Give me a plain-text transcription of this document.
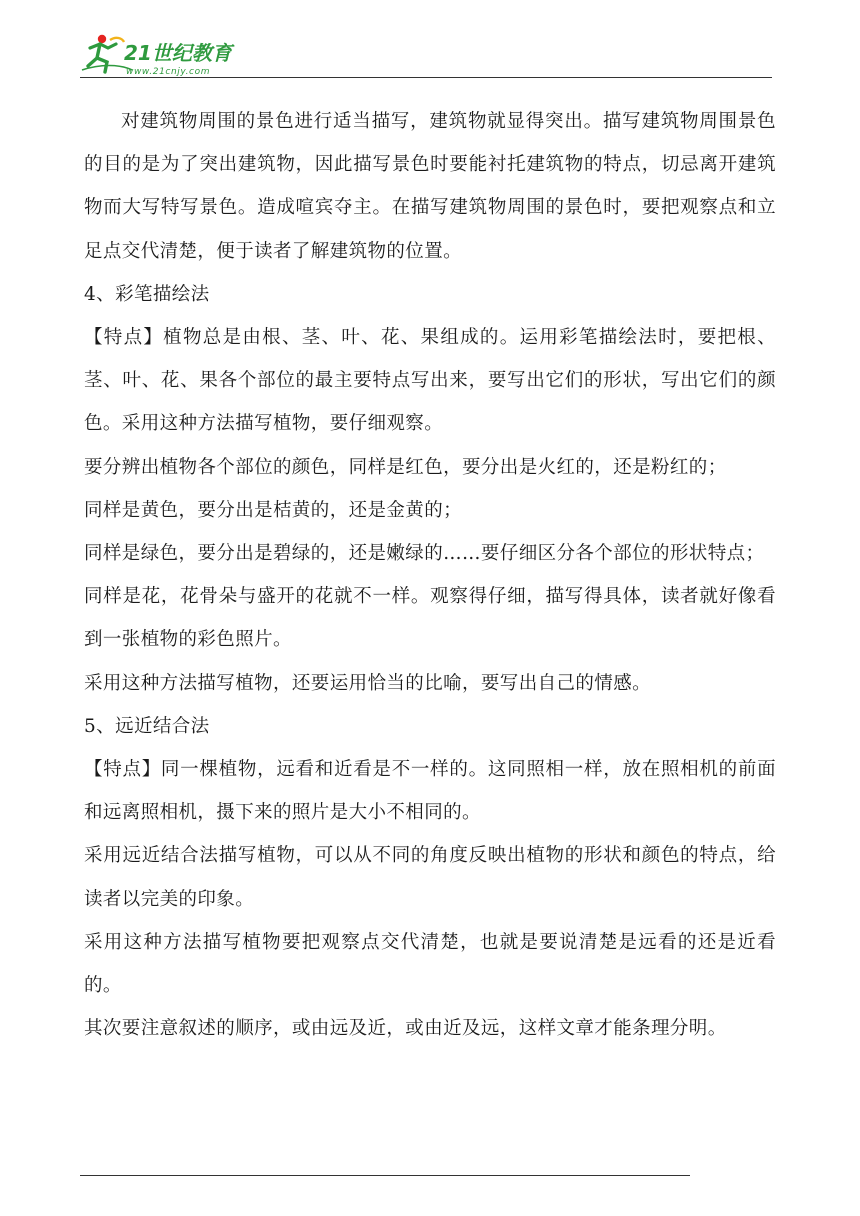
21世纪教育
www.21cnjy.com

对建筑物周围的景色进行适当描写，建筑物就显得突出。描写建筑物周围景色的目的是为了突出建筑物，因此描写景色时要能衬托建筑物的特点，切忌离开建筑物而大写特写景色。造成喧宾夺主。在描写建筑物周围的景色时，要把观察点和立足点交代清楚，便于读者了解建筑物的位置。

4、彩笔描绘法

【特点】植物总是由根、茎、叶、花、果组成的。运用彩笔描绘法时，要把根、茎、叶、花、果各个部位的最主要特点写出来，要写出它们的形状，写出它们的颜色。采用这种方法描写植物，要仔细观察。

要分辨出植物各个部位的颜色，同样是红色，要分出是火红的，还是粉红的；

同样是黄色，要分出是桔黄的，还是金黄的；

同样是绿色，要分出是碧绿的，还是嫩绿的……要仔细区分各个部位的形状特点；

同样是花，花骨朵与盛开的花就不一样。观察得仔细，描写得具体，读者就好像看到一张植物的彩色照片。

采用这种方法描写植物，还要运用恰当的比喻，要写出自己的情感。

5、远近结合法

【特点】同一棵植物，远看和近看是不一样的。这同照相一样，放在照相机的前面和远离照相机，摄下来的照片是大小不相同的。

采用远近结合法描写植物，可以从不同的角度反映出植物的形状和颜色的特点，给读者以完美的印象。

采用这种方法描写植物要把观察点交代清楚，也就是要说清楚是远看的还是近看的。

其次要注意叙述的顺序，或由远及近，或由近及远，这样文章才能条理分明。
